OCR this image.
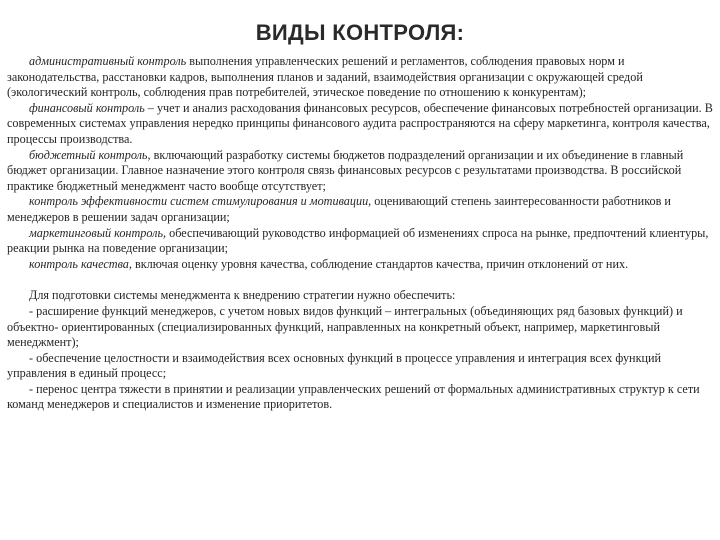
ВИДЫ КОНТРОЛЯ:

административный контроль выполнения управленческих решений и регламентов, соблюдения правовых норм и законодательства, расстановки кадров, выполнения планов и заданий, взаимодействия организации с окружающей средой (экологический контроль, соблюдения прав потребителей, этическое поведение по отношению к конкурентам);

финансовый контроль – учет и анализ расходования финансовых ресурсов, обеспечение финансовых потребностей организации. В современных системах управления нередко принципы финансового аудита распространяются на сферу маркетинга, контроля качества, процессы производства.

бюджетный контроль, включающий разработку системы бюджетов подразделений организации и их объединение в главный бюджет организации. Главное назначение этого контроля связь финансовых ресурсов с результатами производства. В российской практике бюджетный менеджмент часто вообще отсутствует;

контроль эффективности систем стимулирования и мотивации, оценивающий степень заинтересованности работников и менеджеров в решении задач организации;

маркетинговый контроль, обеспечивающий руководство информацией об изменениях спроса на рынке, предпочтений клиентуры, реакции рынка на поведение организации;

контроль качества, включая оценку уровня качества, соблюдение стандартов качества, причин отклонений от них.

Для подготовки системы менеджмента к внедрению стратегии нужно обеспечить:

- расширение функций менеджеров, с учетом новых видов функций – интегральных (объединяющих ряд базовых функций) и объектно- ориентированных (специализированных функций, направленных на конкретный объект, например, маркетинговый менеджмент);

- обеспечение целостности и взаимодействия всех основных функций в процессе управления и интеграция всех функций управления в единый процесс;

- перенос центра тяжести в принятии и реализации управленческих решений от формальных административных структур к сети команд менеджеров и специалистов и изменение приоритетов.
